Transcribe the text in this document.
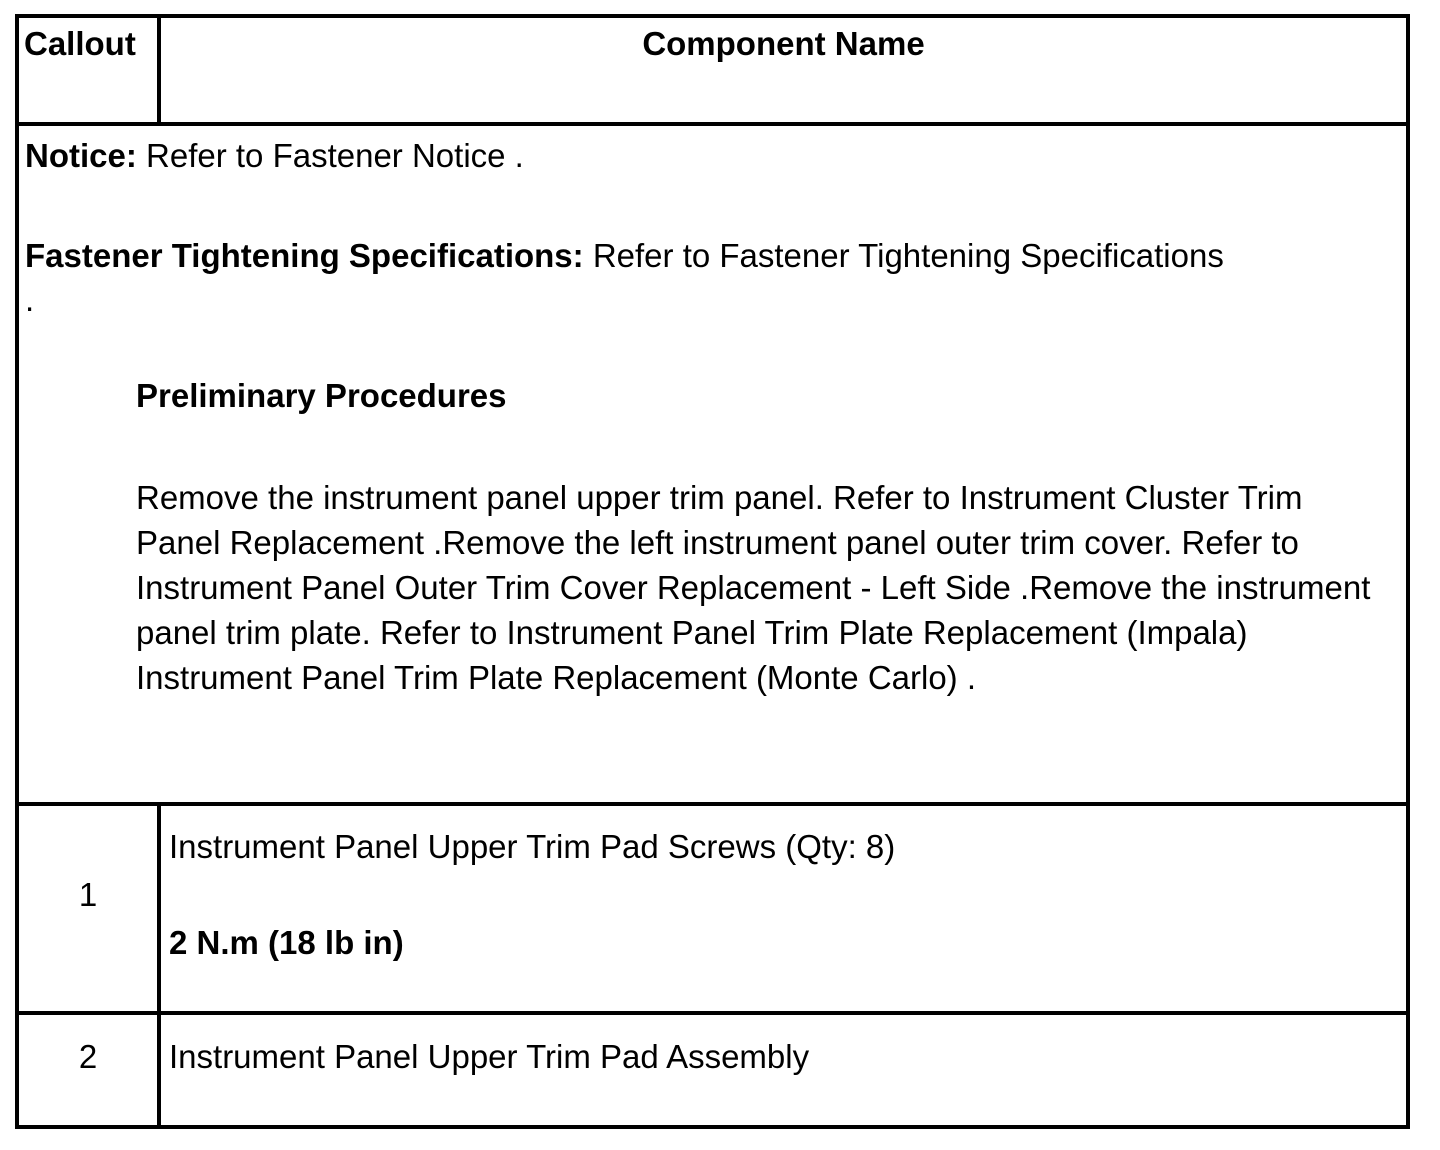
Callout	Component Name

Notice: Refer to Fastener Notice .

Fastener Tightening Specifications: Refer to Fastener Tightening Specifications

.

Preliminary Procedures

Remove the instrument panel upper trim panel. Refer to Instrument Cluster Trim Panel Replacement .Remove the left instrument panel outer trim cover. Refer to Instrument Panel Outer Trim Cover Replacement - Left Side .Remove the instrument panel trim plate. Refer to Instrument Panel Trim Plate Replacement (Impala) Instrument Panel Trim Plate Replacement (Monte Carlo) .

1
Instrument Panel Upper Trim Pad Screws (Qty: 8)
2 N.m (18 lb in)
2	Instrument Panel Upper Trim Pad Assembly
